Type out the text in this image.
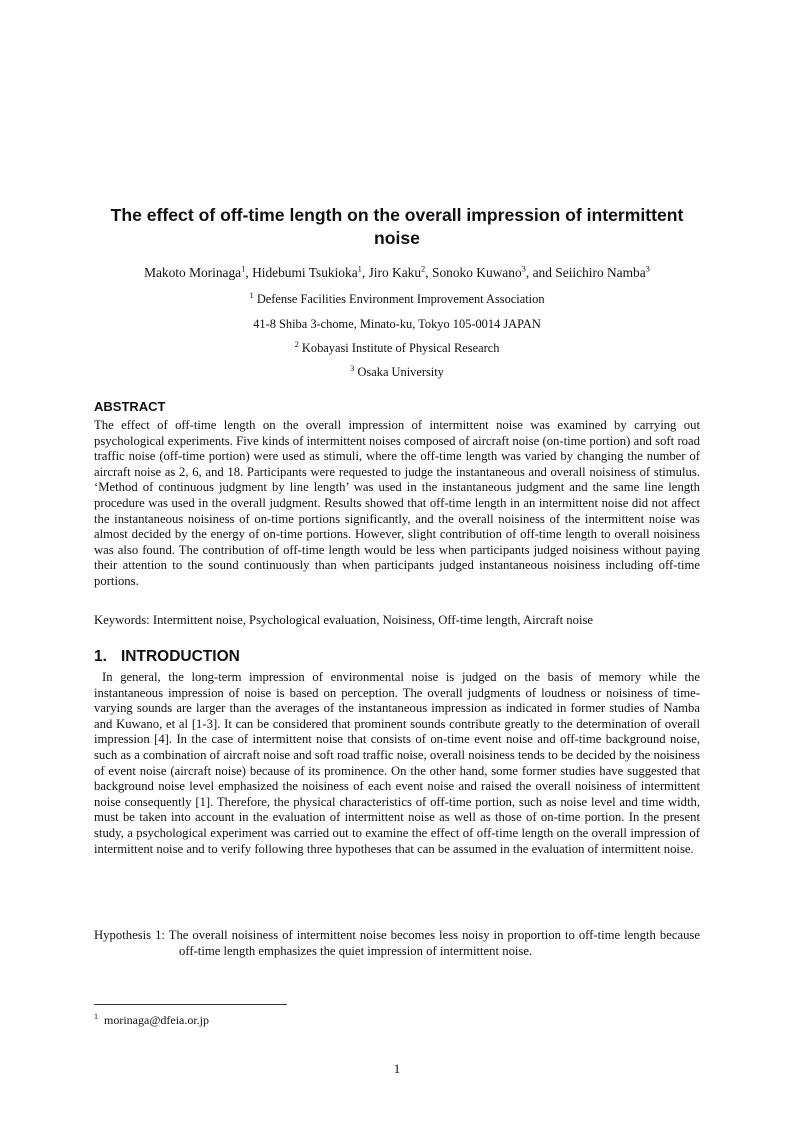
The effect of off-time length on the overall impression of intermittent noise
Makoto Morinaga$^1$, Hidebumi Tsukioka$^1$, Jiro Kaku$^2$, Sonoko Kuwano$^3$, and Seiichiro Namba$^3$
$^1$ Defense Facilities Environment Improvement Association
41-8 Shiba 3-chome, Minato-ku, Tokyo 105-0014 JAPAN
$^2$ Kobayasi Institute of Physical Research
$^3$ Osaka University
ABSTRACT

The effect of off-time length on the overall impression of intermittent noise was examined by carrying out psychological experiments. Five kinds of intermittent noises composed of aircraft noise (on-time portion) and soft road traffic noise (off-time portion) were used as stimuli, where the off-time length was varied by changing the number of aircraft noise as 2, 6, and 18. Participants were requested to judge the instantaneous and overall noisiness of stimulus. ‘Method of continuous judgment by line length’ was used in the instantaneous judgment and the same line length procedure was used in the overall judgment. Results showed that off-time length in an intermittent noise did not affect the instantaneous noisiness of on-time portions significantly, and the overall noisiness of the intermittent noise was almost decided by the energy of on-time portions. However, slight contribution of off-time length to overall noisiness was also found. The contribution of off-time length would be less when participants judged noisiness without paying their attention to the sound continuously than when participants judged instantaneous noisiness including off-time portions.

Keywords: Intermittent noise, Psychological evaluation, Noisiness, Off-time length, Aircraft noise
1. INTRODUCTION

In general, the long-term impression of environmental noise is judged on the basis of memory while the instantaneous impression of noise is based on perception. The overall judgments of loudness or noisiness of time-varying sounds are larger than the averages of the instantaneous impression as indicated in former studies of Namba and Kuwano, et al [1-3]. It can be considered that prominent sounds contribute greatly to the determination of overall impression [4]. In the case of intermittent noise that consists of on-time event noise and off-time background noise, such as a combination of aircraft noise and soft road traffic noise, overall noisiness tends to be decided by the noisiness of event noise (aircraft noise) because of its prominence. On the other hand, some former studies have suggested that background noise level emphasized the noisiness of each event noise and raised the overall noisiness of intermittent noise consequently [1]. Therefore, the physical characteristics of off-time portion, such as noise level and time width, must be taken into account in the evaluation of intermittent noise as well as those of on-time portion. In the present study, a psychological experiment was carried out to examine the effect of off-time length on the overall impression of intermittent noise and to verify following three hypotheses that can be assumed in the evaluation of intermittent noise.

Hypothesis 1: The overall noisiness of intermittent noise becomes less noisy in proportion to off-time length because off-time length emphasizes the quiet impression of intermittent noise.
$^1$ morinaga@dfeia.or.jp
1
